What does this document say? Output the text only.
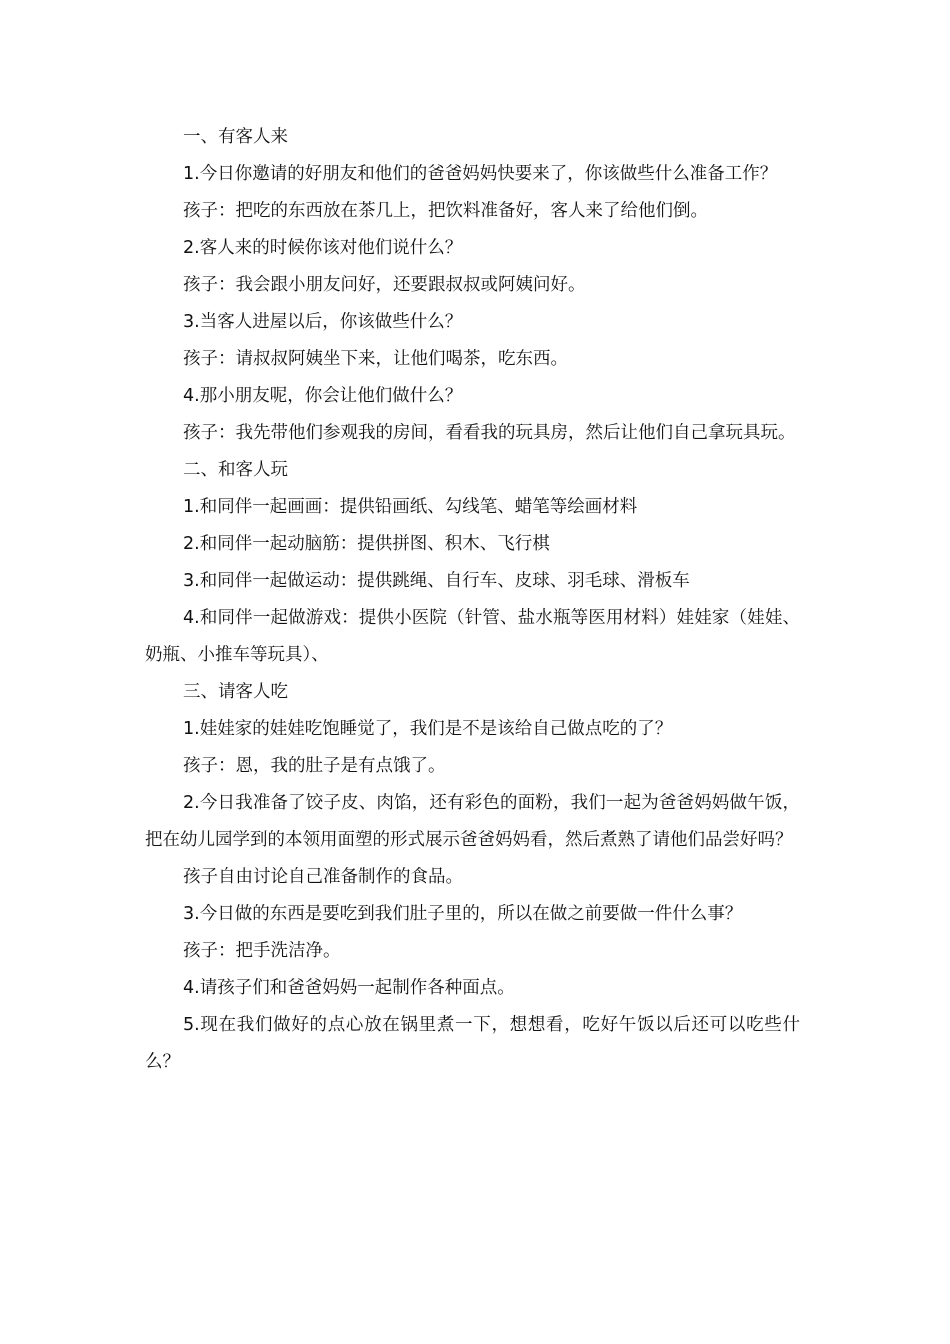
一、有客人来

1.今日你邀请的好朋友和他们的爸爸妈妈快要来了，你该做些什么准备工作？

孩子：把吃的东西放在茶几上，把饮料准备好，客人来了给他们倒。

2.客人来的时候你该对他们说什么？

孩子：我会跟小朋友问好，还要跟叔叔或阿姨问好。

3.当客人进屋以后，你该做些什么？

孩子：请叔叔阿姨坐下来，让他们喝茶，吃东西。

4.那小朋友呢，你会让他们做什么？

孩子：我先带他们参观我的房间，看看我的玩具房，然后让他们自己拿玩具玩。

二、和客人玩

1.和同伴一起画画：提供铅画纸、勾线笔、蜡笔等绘画材料

2.和同伴一起动脑筋：提供拼图、积木、飞行棋

3.和同伴一起做运动：提供跳绳、自行车、皮球、羽毛球、滑板车

4.和同伴一起做游戏：提供小医院（针管、盐水瓶等医用材料）娃娃家（娃娃、奶瓶、小推车等玩具）、

三、请客人吃

1.娃娃家的娃娃吃饱睡觉了，我们是不是该给自己做点吃的了？

孩子：恩，我的肚子是有点饿了。

2.今日我准备了饺子皮、肉馅，还有彩色的面粉，我们一起为爸爸妈妈做午饭，把在幼儿园学到的本领用面塑的形式展示爸爸妈妈看，然后煮熟了请他们品尝好吗？

孩子自由讨论自己准备制作的食品。

3.今日做的东西是要吃到我们肚子里的，所以在做之前要做一件什么事？

孩子：把手洗洁净。

4.请孩子们和爸爸妈妈一起制作各种面点。

5.现在我们做好的点心放在锅里煮一下，想想看，吃好午饭以后还可以吃些什么？
